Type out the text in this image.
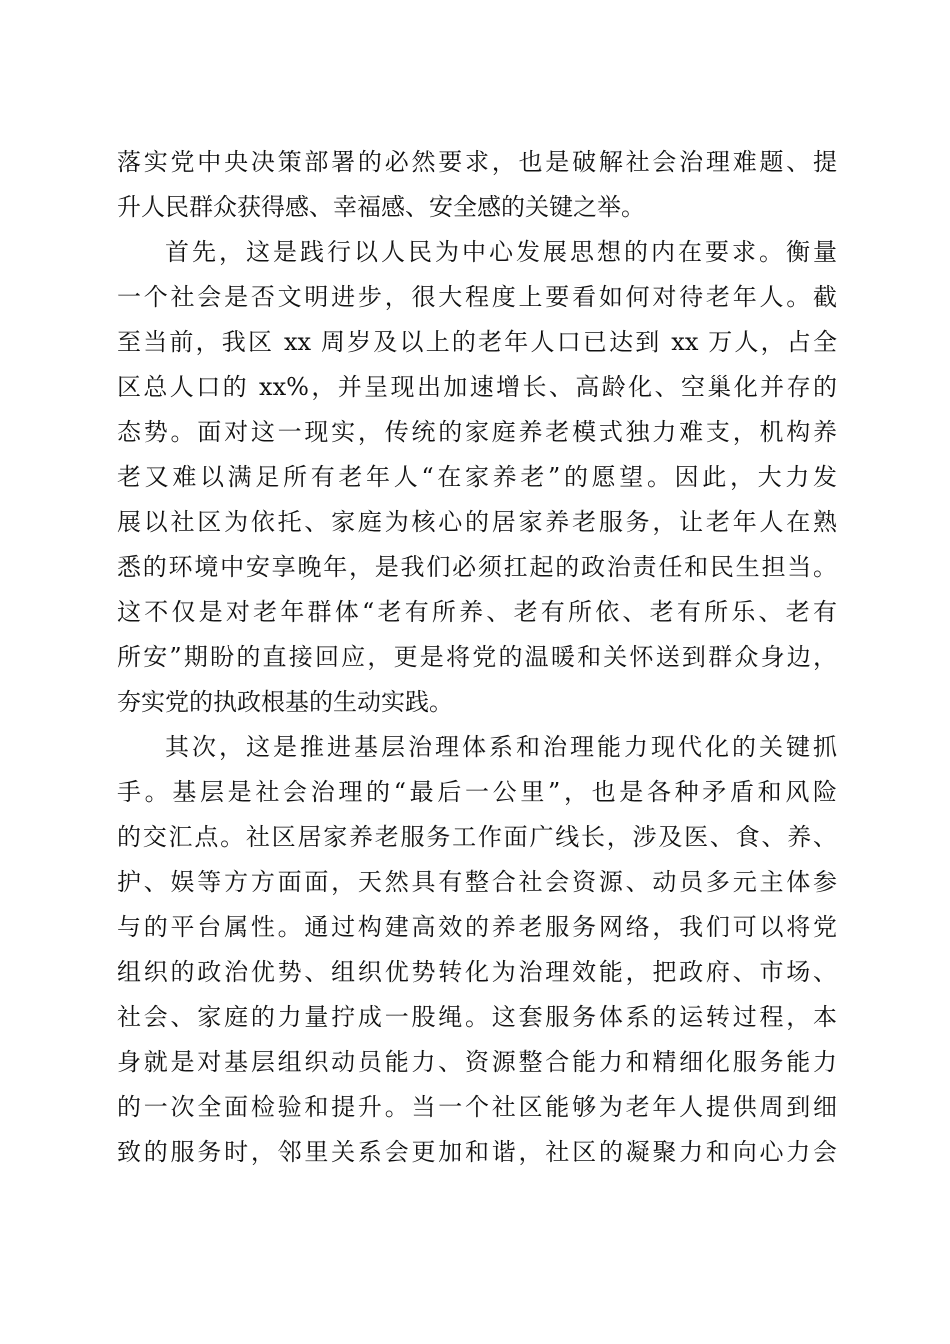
落实党中央决策部署的必然要求，也是破解社会治理难题、提
升人民群众获得感、幸福感、安全感的关键之举。
首先，这是践行以人民为中心发展思想的内在要求。衡量
一个社会是否文明进步，很大程度上要看如何对待老年人。截
至当前，我区 xx 周岁及以上的老年人口已达到 xx 万人，占全
区总人口的 xx%，并呈现出加速增长、高龄化、空巢化并存的
态势。面对这一现实，传统的家庭养老模式独力难支，机构养
老又难以满足所有老年人“在家养老”的愿望。因此，大力发
展以社区为依托、家庭为核心的居家养老服务，让老年人在熟
悉的环境中安享晚年，是我们必须扛起的政治责任和民生担当。
这不仅是对老年群体“老有所养、老有所依、老有所乐、老有
所安”期盼的直接回应，更是将党的温暖和关怀送到群众身边，
夯实党的执政根基的生动实践。
其次，这是推进基层治理体系和治理能力现代化的关键抓
手。基层是社会治理的“最后一公里”，也是各种矛盾和风险
的交汇点。社区居家养老服务工作面广线长，涉及医、食、养、
护、娱等方方面面，天然具有整合社会资源、动员多元主体参
与的平台属性。通过构建高效的养老服务网络，我们可以将党
组织的政治优势、组织优势转化为治理效能，把政府、市场、
社会、家庭的力量拧成一股绳。这套服务体系的运转过程，本
身就是对基层组织动员能力、资源整合能力和精细化服务能力
的一次全面检验和提升。当一个社区能够为老年人提供周到细
致的服务时，邻里关系会更加和谐，社区的凝聚力和向心力会
